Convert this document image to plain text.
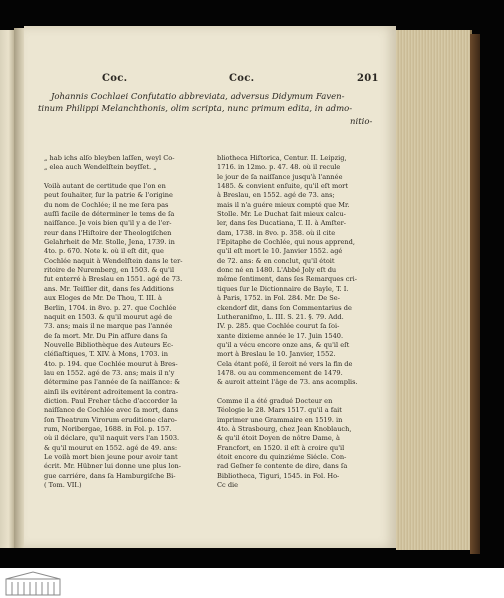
Coc.	Coc.	201
Johannis Cochlaei Confutatio abbreviata, adversus Didymum Faven-
tinum Philippi Melanchthonis, olim scripta, nunc primum edita, in admo-
nitio-
„ hab ichs alſo bleyben laſſen, weyl Co-
„ elea auch Wendelſtein beyſſet. „
Voilà autant de certitude que l'on en
peut ſouhaiter, ſur la patrie & l'origine
du nom de Cochlée; il ne me ſera pas
auſſi facile de déterminer le tems de ſa
naiſſance. Je vois bien qu'il y a de l'er-
reur dans l'Hiſtoire der Theologiſchen
Gelahrheit de Mr. Stolle, Jena, 1739. in
4to. p. 670. Note k. où il eſt dit, que
Cochlée naquit à Wendelſtein dans le ter-
ritoire de Nuremberg, en 1503. & qu'il
fut enterré à Breslau en 1551. agé de 73.
ans. Mr. Teiſſier dit, dans ſes Additions
aux Eloges de Mr. De Thou, T. III. à
Berlin, 1704. in 8vo. p. 27. que Cochlée
naquit en 1503. & qu'il mourut agé de
73. ans; mais il ne marque pas l'année
de ſa mort. Mr. Du Pin aſſure dans ſa
Nouvelle Bibliothèque des Auteurs Ec-
cléſiaſtiques, T. XIV. à Mons, 1703. in
4to. p. 194. que Cochlée mourut à Bres-
lau en 1552. agé de 73. ans; mais il n'y
détermine pas l'année de ſa naiſſance: &
ainſi ils evitérent adroitement la contra-
diction. Paul Freher tâche d'accorder la
naiſſance de Cochlée avec ſa mort, dans
ſon Theatrum Virorum eruditione claro-
rum, Noribergae, 1688. in Fol. p. 157.
où il déclare, qu'il naquit vers l'an 1503.
& qu'il mourut en 1552. agé de 49. ans:
Le voilà mort bien jeune pour avoir tant
écrit. Mr. Hübner lui donne une plus lon-
gue carriére, dans ſa Hamburgiſche Bi-
( Tom. VII.)
bliotheca Hiſtorica, Centur. II. Leipzig,
1716. in 12mo. p. 47. 48. où il recule
le jour de ſa naiſſance jusqu'à l'année
1485. & convient enſuite, qu'il eſt mort
à Breslau, en 1552. agé de 73. ans;
mais il n'a guére mieux compté que Mr.
Stolle. Mr. Le Duchat ſait mieux calcu-
ler, dans ſes Ducatiana, T. II. à Amſter-
dam, 1738. in 8vo. p. 358. où il cite
l'Epitaphe de Cochlée, qui nous apprend,
qu'il eſt mort le 10. Janvier 1552. agé
de 72. ans: & en conclut, qu'il étoit
donc né en 1480. L'Abbé Joly eſt du
même ſentiment, dans ſes Remarques cri-
tiques ſur le Dictionnaire de Bayle, T. I.
à Paris, 1752. in Fol. 284. Mr. De Se-
ckendorf dit, dans ſon Commentarius de
Lutheraniſmo, L. III. S. 21. §. 79. Add.
IV. p. 285. que Cochlée courut ſa ſoi-
xante dixieme année le 17. Juin 1540.
qu'il a vécu encore onze ans, & qu'il eſt
mort à Breslau le 10. Janvier, 1552.
Cela étant poſé, il ſeroit né vers la fin de
1478. ou au commencement de 1479.
& auroit atteint l'âge de 73. ans acomplis.
Comme il a été gradué Docteur en
Téologie le 28. Mars 1517. qu'il a fait
imprimer une Grammaire en 1519. in
4to. à Strasbourg, chez Jean Knoblauch,
& qu'il étoit Doyen de nôtre Dame, à
Francfort, en 1520. il eſt à croire qu'il
étoit encore du quinziéme Siécle. Con-
rad Geſner ſe contente de dire, dans ſa
Bibliotheca, Tiguri, 1545. in Fol. Ho-
Cc die
